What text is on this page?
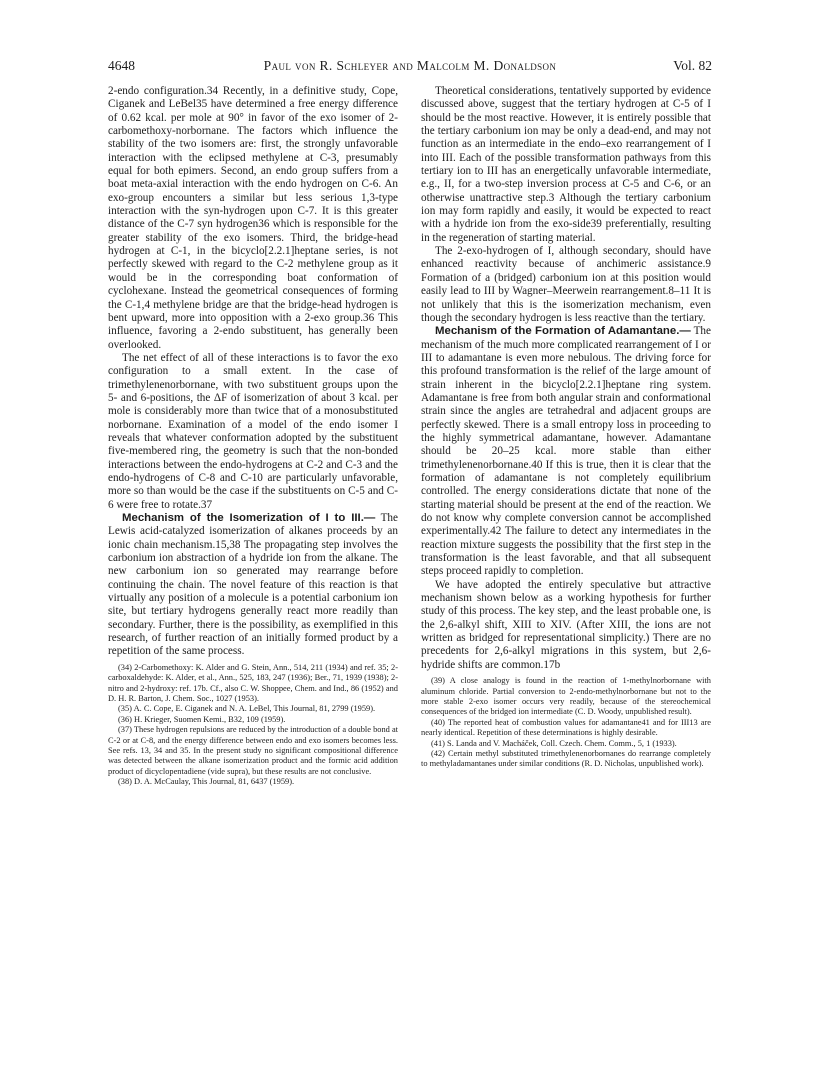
4648	Paul von R. Schleyer and Malcolm M. Donaldson	Vol. 82

2-endo configuration.34 Recently, in a definitive study, Cope, Ciganek and LeBel35 have determined a free energy difference of 0.62 kcal. per mole at 90° in favor of the exo isomer of 2-carbomethoxy-norbornane. The factors which influence the stability of the two isomers are: first, the strongly unfavorable interaction with the eclipsed methylene at C-3, presumably equal for both epimers. Second, an endo group suffers from a boat meta-axial interaction with the endo hydrogen on C-6. An exo-group encounters a similar but less serious 1,3-type interaction with the syn-hydrogen upon C-7. It is this greater distance of the C-7 syn hydrogen36 which is responsible for the greater stability of the exo isomers. Third, the bridge-head hydrogen at C-1, in the bicyclo[2.2.1]heptane series, is not perfectly skewed with regard to the C-2 methylene group as it would be in the corresponding boat conformation of cyclohexane. Instead the geometrical consequences of forming the C-1,4 methylene bridge are that the bridge-head hydrogen is bent upward, more into opposition with a 2-exo group.36 This influence, favoring a 2-endo substituent, has generally been overlooked.

The net effect of all of these interactions is to favor the exo configuration to a small extent. In the case of trimethylenenorbornane, with two substituent groups upon the 5- and 6-positions, the ΔF of isomerization of about 3 kcal. per mole is considerably more than twice that of a monosubstituted norbornane. Examination of a model of the endo isomer I reveals that whatever conformation adopted by the substituent five-membered ring, the geometry is such that the non-bonded interactions between the endo-hydrogens at C-2 and C-3 and the endo-hydrogens of C-8 and C-10 are particularly unfavorable, more so than would be the case if the substituents on C-5 and C-6 were free to rotate.37

Mechanism of the Isomerization of I to III.— The Lewis acid-catalyzed isomerization of alkanes proceeds by an ionic chain mechanism.15,38 The propagating step involves the carbonium ion abstraction of a hydride ion from the alkane. The new carbonium ion so generated may rearrange before continuing the chain. The novel feature of this reaction is that virtually any position of a molecule is a potential carbonium ion site, but tertiary hydrogens generally react more readily than secondary. Further, there is the possibility, as exemplified in this research, of further reaction of an initially formed product by a repetition of the same process.

(34) 2-Carbomethoxy: K. Alder and G. Stein, Ann., 514, 211 (1934) and ref. 35; 2-carboxaldehyde: K. Alder, et al., Ann., 525, 183, 247 (1936); Ber., 71, 1939 (1938); 2-nitro and 2-hydroxy: ref. 17b. Cf., also C. W. Shoppee, Chem. and Ind., 86 (1952) and D. H. R. Barton, J. Chem. Soc., 1027 (1953).
(35) A. C. Cope, E. Ciganek and N. A. LeBel, This Journal, 81, 2799 (1959).
(36) H. Krieger, Suomen Kemi., B32, 109 (1959).
(37) These hydrogen repulsions are reduced by the introduction of a double bond at C-2 or at C-8, and the energy difference between endo and exo isomers becomes less. See refs. 13, 34 and 35. In the present study no significant compositional difference was detected between the alkane isomerization product and the formic acid addition product of dicyclopentadiene (vide supra), but these results are not conclusive.
(38) D. A. McCaulay, This Journal, 81, 6437 (1959).

Theoretical considerations, tentatively supported by evidence discussed above, suggest that the tertiary hydrogen at C-5 of I should be the most reactive. However, it is entirely possible that the tertiary carbonium ion may be only a dead-end, and may not function as an intermediate in the endo–exo rearrangement of I into III. Each of the possible transformation pathways from this tertiary ion to III has an energetically unfavorable intermediate, e.g., II, for a two-step inversion process at C-5 and C-6, or an otherwise unattractive step.3 Although the tertiary carbonium ion may form rapidly and easily, it would be expected to react with a hydride ion from the exo-side39 preferentially, resulting in the regeneration of starting material.

The 2-exo-hydrogen of I, although secondary, should have enhanced reactivity because of anchimeric assistance.9 Formation of a (bridged) carbonium ion at this position would easily lead to III by Wagner–Meerwein rearrangement.8–11 It is not unlikely that this is the isomerization mechanism, even though the secondary hydrogen is less reactive than the tertiary.

Mechanism of the Formation of Adamantane.— The mechanism of the much more complicated rearrangement of I or III to adamantane is even more nebulous. The driving force for this profound transformation is the relief of the large amount of strain inherent in the bicyclo[2.2.1]heptane ring system. Adamantane is free from both angular strain and conformational strain since the angles are tetrahedral and adjacent groups are perfectly skewed. There is a small entropy loss in proceeding to the highly symmetrical adamantane, however. Adamantane should be 20–25 kcal. more stable than either trimethylenenorbornane.40 If this is true, then it is clear that the formation of adamantane is not completely equilibrium controlled. The energy considerations dictate that none of the starting material should be present at the end of the reaction. We do not know why complete conversion cannot be accomplished experimentally.42 The failure to detect any intermediates in the reaction mixture suggests the possibility that the first step in the transformation is the least favorable, and that all subsequent steps proceed rapidly to completion.

We have adopted the entirely speculative but attractive mechanism shown below as a working hypothesis for further study of this process. The key step, and the least probable one, is the 2,6-alkyl shift, XIII to XIV. (After XIII, the ions are not written as bridged for representational simplicity.) There are no precedents for 2,6-alkyl migrations in this system, but 2,6-hydride shifts are common.17b

(39) A close analogy is found in the reaction of 1-methylnorbornane with aluminum chloride. Partial conversion to 2-endo-methylnorbornane but not to the more stable 2-exo isomer occurs very readily, because of the stereochemical consequences of the bridged ion intermediate (C. D. Woody, unpublished result).
(40) The reported heat of combustion values for adamantane41 and for III13 are nearly identical. Repetition of these determinations is highly desirable.
(41) S. Landa and V. Macháček, Coll. Czech. Chem. Comm., 5, 1 (1933).
(42) Certain methyl substituted trimethylenenorbornanes do rearrange completely to methyladamantanes under similar conditions (R. D. Nicholas, unpublished work).
